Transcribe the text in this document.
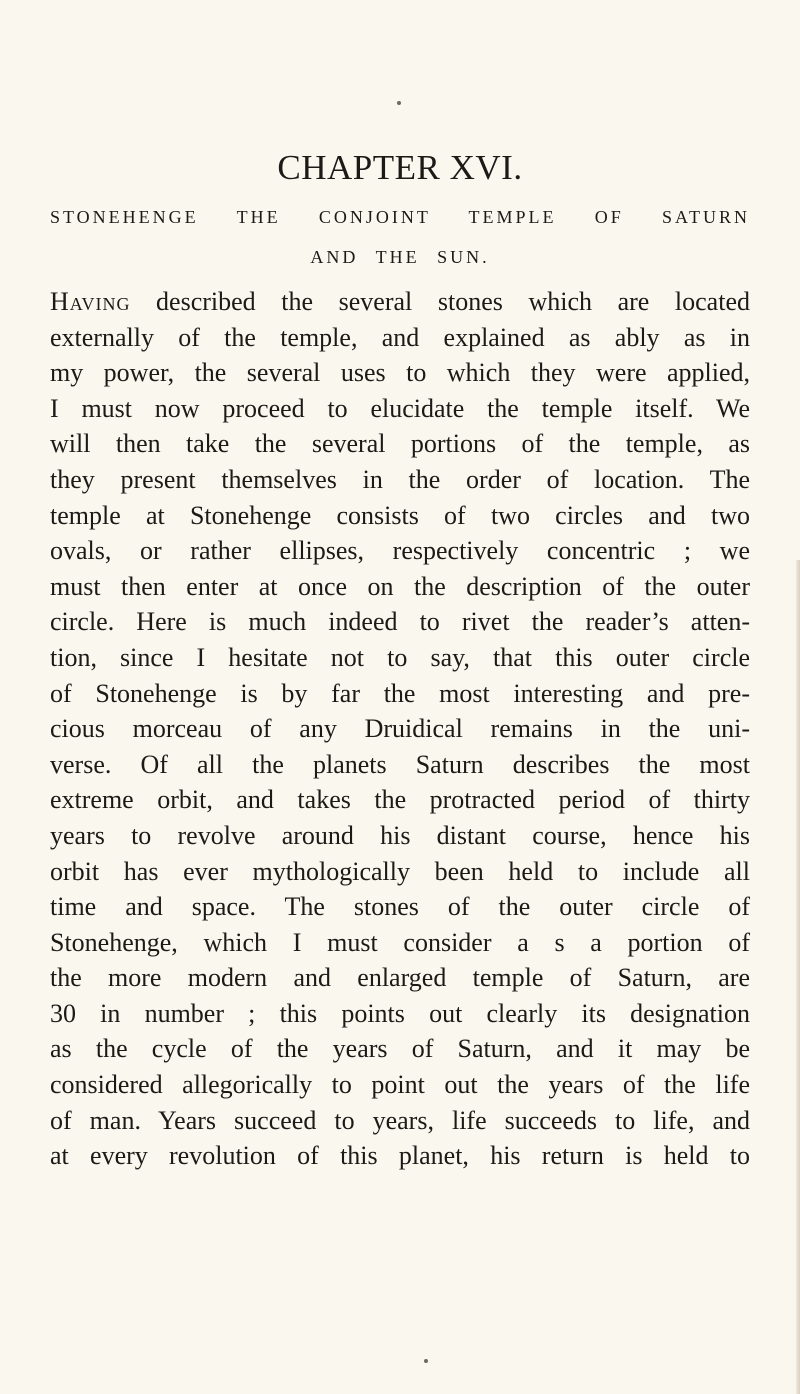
CHAPTER XVI.
STONEHENGE THE CONJOINT TEMPLE OF SATURN
AND THE SUN.
Having described the several stones which are located
externally of the temple, and explained as ably as in
my power, the several uses to which they were applied,
I must now proceed to elucidate the temple itself. We
will then take the several portions of the temple, as
they present themselves in the order of location. The
temple at Stonehenge consists of two circles and two
ovals, or rather ellipses, respectively concentric ; we
must then enter at once on the description of the outer
circle. Here is much indeed to rivet the reader’s atten-
tion, since I hesitate not to say, that this outer circle
of Stonehenge is by far the most interesting and pre-
cious morceau of any Druidical remains in the uni-
verse. Of all the planets Saturn describes the most
extreme orbit, and takes the protracted period of thirty
years to revolve around his distant course, hence his
orbit has ever mythologically been held to include all
time and space. The stones of the outer circle of
Stonehenge, which I must consider a s a portion of
the more modern and enlarged temple of Saturn, are
30 in number ; this points out clearly its designation
as the cycle of the years of Saturn, and it may be
considered allegorically to point out the years of the life
of man. Years succeed to years, life succeeds to life, and
at every revolution of this planet, his return is held to
